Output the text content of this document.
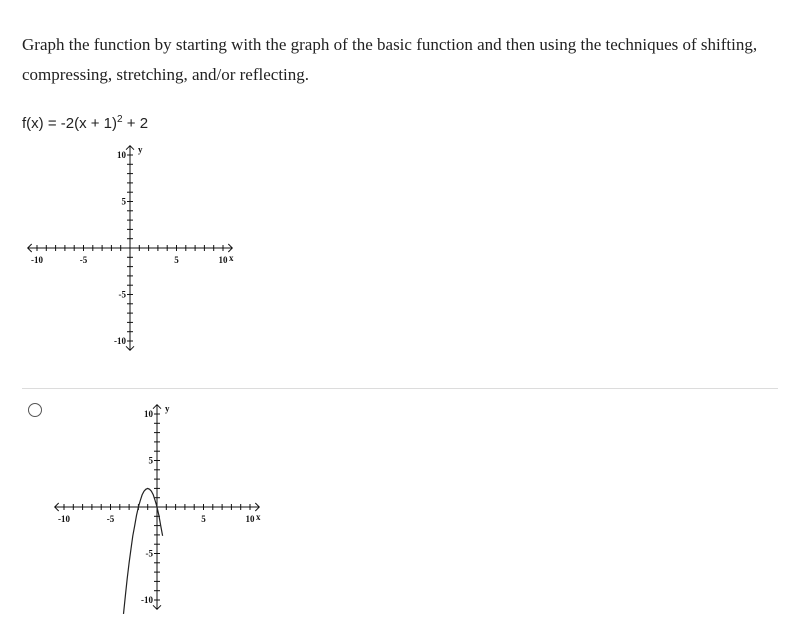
Graph the function by starting with the graph of the basic function and then using the techniques of shifting, compressing, stretching, and/or reflecting.
$f(x) = -2(x + 1)^2 + 2$
-10	-5	5	10
10
5
-5
-10
x
y
-10	-5	5	10
10
5
-5
-10
x
y
